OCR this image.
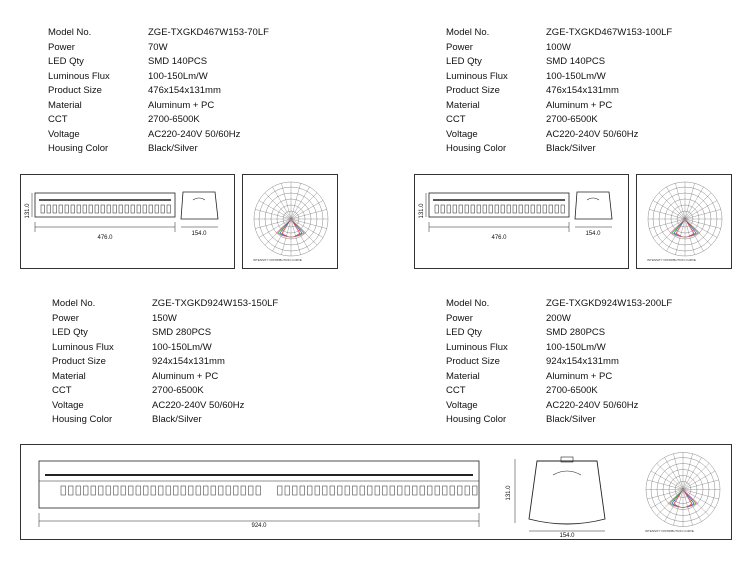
Model No.	ZGE-TXGKD467W153-70LF
Power	70W
LED Qty	SMD 140PCS
Luminous Flux	100-150Lm/W
Product Size	476x154x131mm
Material	Aluminum + PC
CCT	2700-6500K
Voltage	AC220-240V 50/60Hz
Housing Color	Black/Silver
Model No.	ZGE-TXGKD467W153-100LF
Power	100W
LED Qty	SMD 140PCS
Luminous Flux	100-150Lm/W
Product Size	476x154x131mm
Material	Aluminum + PC
CCT	2700-6500K
Voltage	AC220-240V 50/60Hz
Housing Color	Black/Silver
476.0
131.0
154.0
INTENSITY DISTRIBUTION CURVE
476.0
131.0
154.0
INTENSITY DISTRIBUTION CURVE
Model No.	ZGE-TXGKD924W153-150LF
Power	150W
LED Qty	SMD 280PCS
Luminous Flux	100-150Lm/W
Product Size	924x154x131mm
Material	Aluminum + PC
CCT	2700-6500K
Voltage	AC220-240V 50/60Hz
Housing Color	Black/Silver
Model No.	ZGE-TXGKD924W153-200LF
Power	200W
LED Qty	SMD 280PCS
Luminous Flux	100-150Lm/W
Product Size	924x154x131mm
Material	Aluminum + PC
CCT	2700-6500K
Voltage	AC220-240V 50/60Hz
Housing Color	Black/Silver
924.0
131.0
154.0
INTENSITY DISTRIBUTION CURVE
